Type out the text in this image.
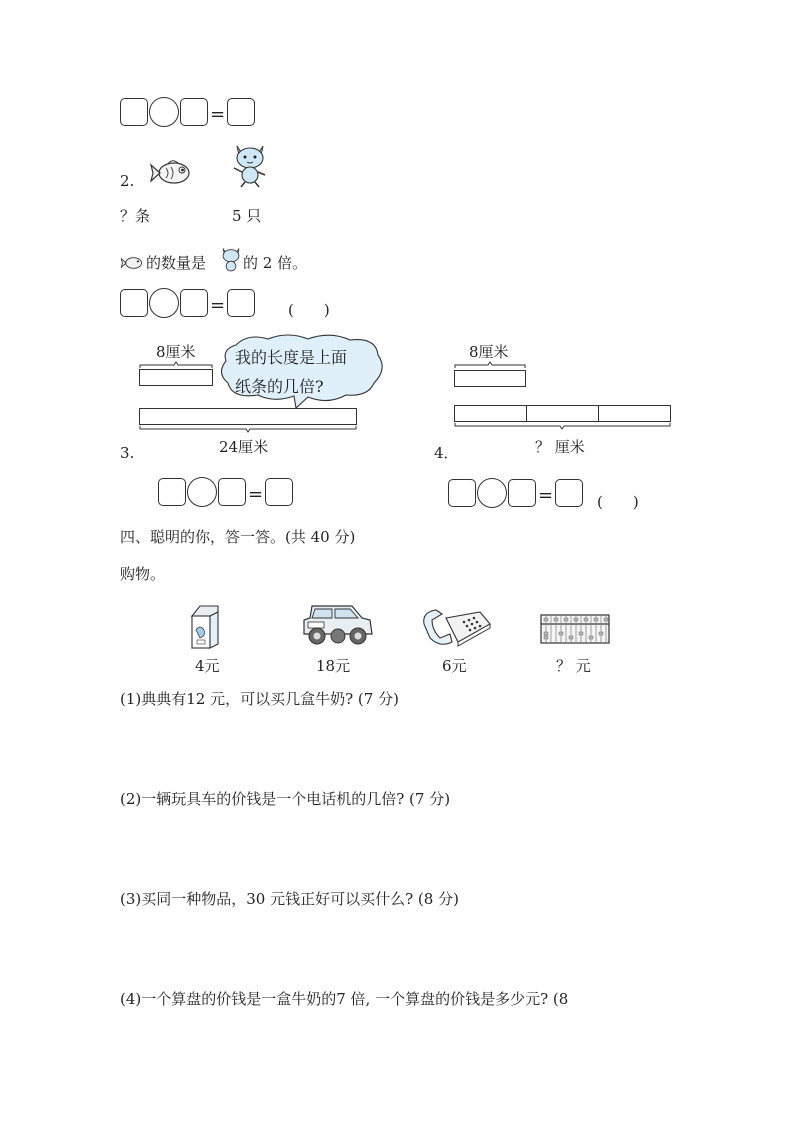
=
2.
？条	5 只
的数量是 的 2 倍。
=	(　　)
8厘米 我的长度是上面
纸条的几倍?
24厘米
3.
=
8厘米
？ 厘米
4．
=	(　　)
四、聪明的你，答一答。(共 40 分)
购物。
4元	18元	6元	？ 元
(1)典典有12 元，可以买几盒牛奶? (7 分)
(2)一辆玩具车的价钱是一个电话机的几倍? (7 分)
(3)买同一种物品，30 元钱正好可以买什么? (8 分)
(4)一个算盘的价钱是一盒牛奶的7 倍, 一个算盘的价钱是多少元? (8
